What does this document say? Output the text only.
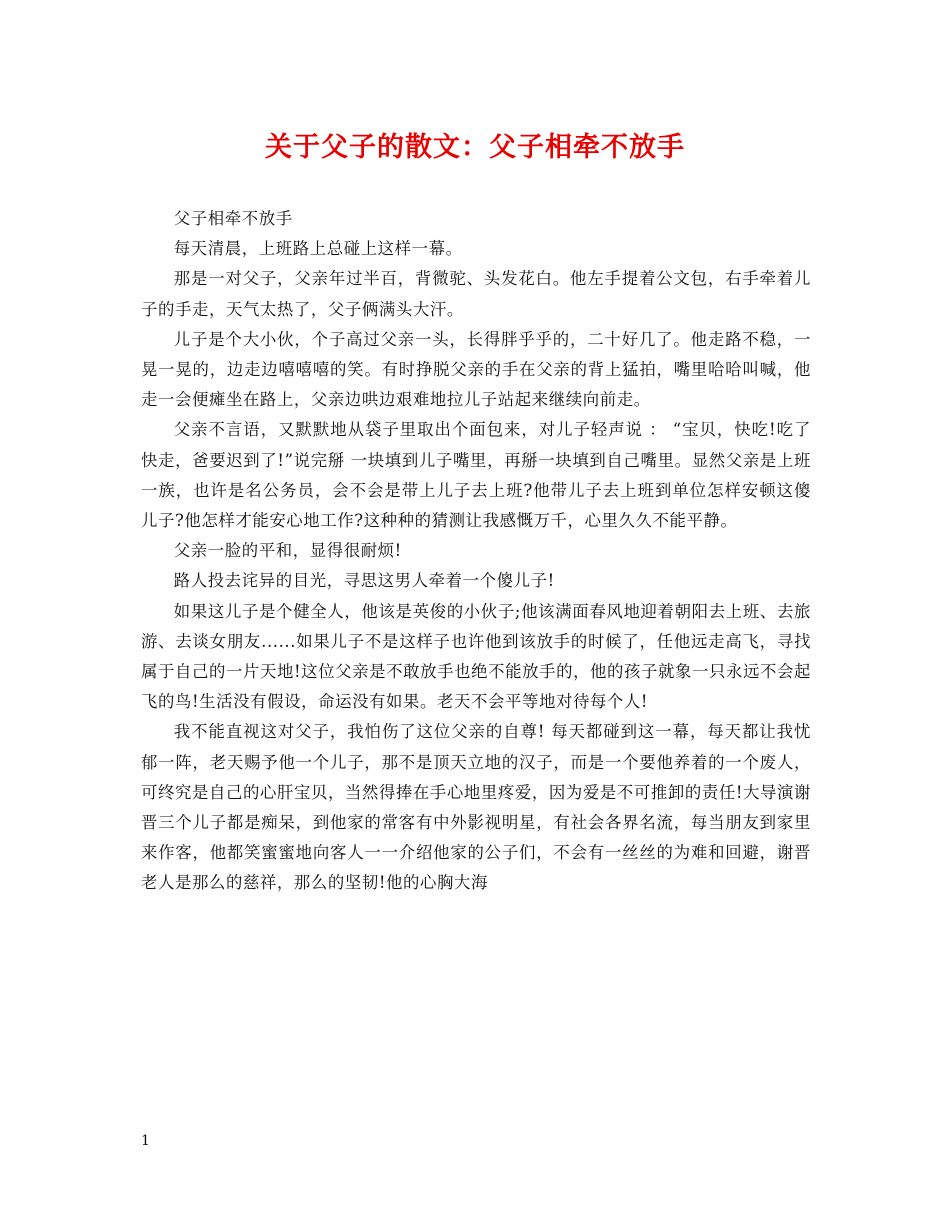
关于父子的散文：父子相牵不放手

父子相牵不放手

每天清晨，上班路上总碰上这样一幕。

那是一对父子，父亲年过半百，背微驼、头发花白。他左手提着公文包，右手牵着儿子的手走，天气太热了，父子俩满头大汗。

儿子是个大小伙，个子高过父亲一头，长得胖乎乎的，二十好几了。他走路不稳，一晃一晃的，边走边嘻嘻嘻的笑。有时挣脱父亲的手在父亲的背上猛拍，嘴里哈哈叫喊，他走一会便瘫坐在路上，父亲边哄边艰难地拉儿子站起来继续向前走。

父亲不言语，又默默地从袋子里取出个面包来，对儿子轻声说 ： “宝贝，快吃!吃了快走，爸要迟到了!”说完掰 一块填到儿子嘴里，再掰一块填到自己嘴里。显然父亲是上班一族，也许是名公务员，会不会是带上儿子去上班?他带儿子去上班到单位怎样安顿这傻儿子?他怎样才能安心地工作?这种种的猜测让我感慨万千，心里久久不能平静。

父亲一脸的平和，显得很耐烦!

路人投去诧异的目光，寻思这男人牵着一个傻儿子!

如果这儿子是个健全人，他该是英俊的小伙子;他该满面春风地迎着朝阳去上班、去旅游、去谈女朋友......如果儿子不是这样子也许他到该放手的时候了，任他远走高飞，寻找属于自己的一片天地!这位父亲是不敢放手也绝不能放手的，他的孩子就象一只永远不会起飞的鸟!生活没有假设，命运没有如果。老天不会平等地对待每个人!

我不能直视这对父子，我怕伤了这位父亲的自尊! 每天都碰到这一幕，每天都让我忧郁一阵，老天赐予他一个儿子，那不是顶天立地的汉子，而是一个要他养着的一个废人，可终究是自己的心肝宝贝，当然得捧在手心地里疼爱，因为爱是不可推卸的责任!大导演谢晋三个儿子都是痴呆，到他家的常客有中外影视明星，有社会各界名流，每当朋友到家里来作客，他都笑蜜蜜地向客人一一介绍他家的公子们，不会有一丝丝的为难和回避，谢晋老人是那么的慈祥，那么的坚韧!他的心胸大海

1
